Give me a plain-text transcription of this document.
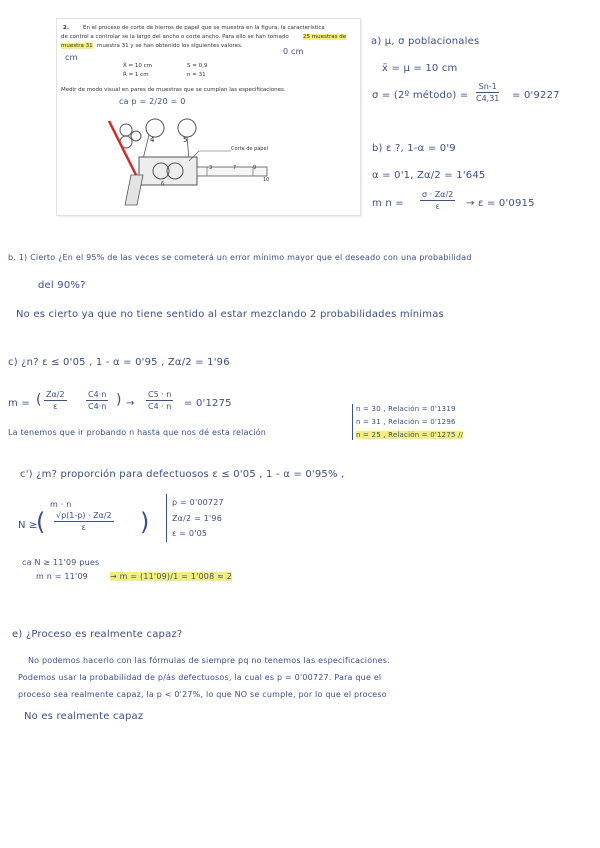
2.	En el proceso de corte de hierros de papel que se muestra en la figura, la característica
de control a controlar se la largo del ancho o corte ancho. Para ello se han tomado	25 muestras de
muestra 31 muestra 31 y se han obtenido los siguientes valores.
cm
0 cm
X̄ = 10 cm	S = 0,9
R̄ = 1 cm	n = 31
Medir de modo visual en pares de muestras que se cumplan las especificaciones.
ca p = 2/20 = 0
4	5
Corte de papel
3	7	9
10
6
a) μ, σ poblacionales
x̄ = μ = 10 cm
σ = (2º método) = $\frac{Sn-1}{C4,31} = 0'9227$
b) ε ?, 1-α = 0'9
α = 0'1, Zα/2 = 1'645
m $n = \frac{\sigma \cdot Z\alpha/2}{\varepsilon} \to \varepsilon = 0'0915$
b. 1) Cierto ¿En el 95% de las veces se cometerá un error mínimo mayor que el deseado con una probabilidad
del 90%?
No es cierto ya que no tiene sentido al estar mezclando 2 probabilidades mínimas
c) ¿n? ε ≤ 0'05 , 1 - α = 0'95 , Zα/2 = 1'96
m = ( $\frac{Z\alpha/2}{\varepsilon} \frac{C4\cdot n}{C4\cdot n}$ ) → $\frac{C5 \cdot n}{C4 \cdot n} = 0'1275$
La tenemos que ir probando n hasta que nos dé esta relación
n = 30 , Relación = 0'1319
n = 31 , Relación = 0'1296
n = 25 , Relación = 0'1275 //
c') ¿m? proporción para defectuosos ε ≤ 0'05 , 1 - α = 0'95% ,
m · n
N ≥
( $\frac{√p(1-p) \cdot Z\alpha/2}{\varepsilon}$ )
p = 0'00727
Zα/2 = 1'96
ε = 0'05
ca N ≥ 11'09 pues
m n = 11'09	→ m = (11'09)/1 = 1'008 ≈ 2
e) ¿Proceso es realmente capaz?
No podemos hacerlo con las fórmulas de siempre pq no tenemos las especificaciones.
Podemos usar la probabilidad de p/ás defectuosos, la cual es p = 0'00727. Para que el
proceso sea realmente capaz, la p < 0'27%, lo que NO se cumple, por lo que el proceso
No es realmente capaz
